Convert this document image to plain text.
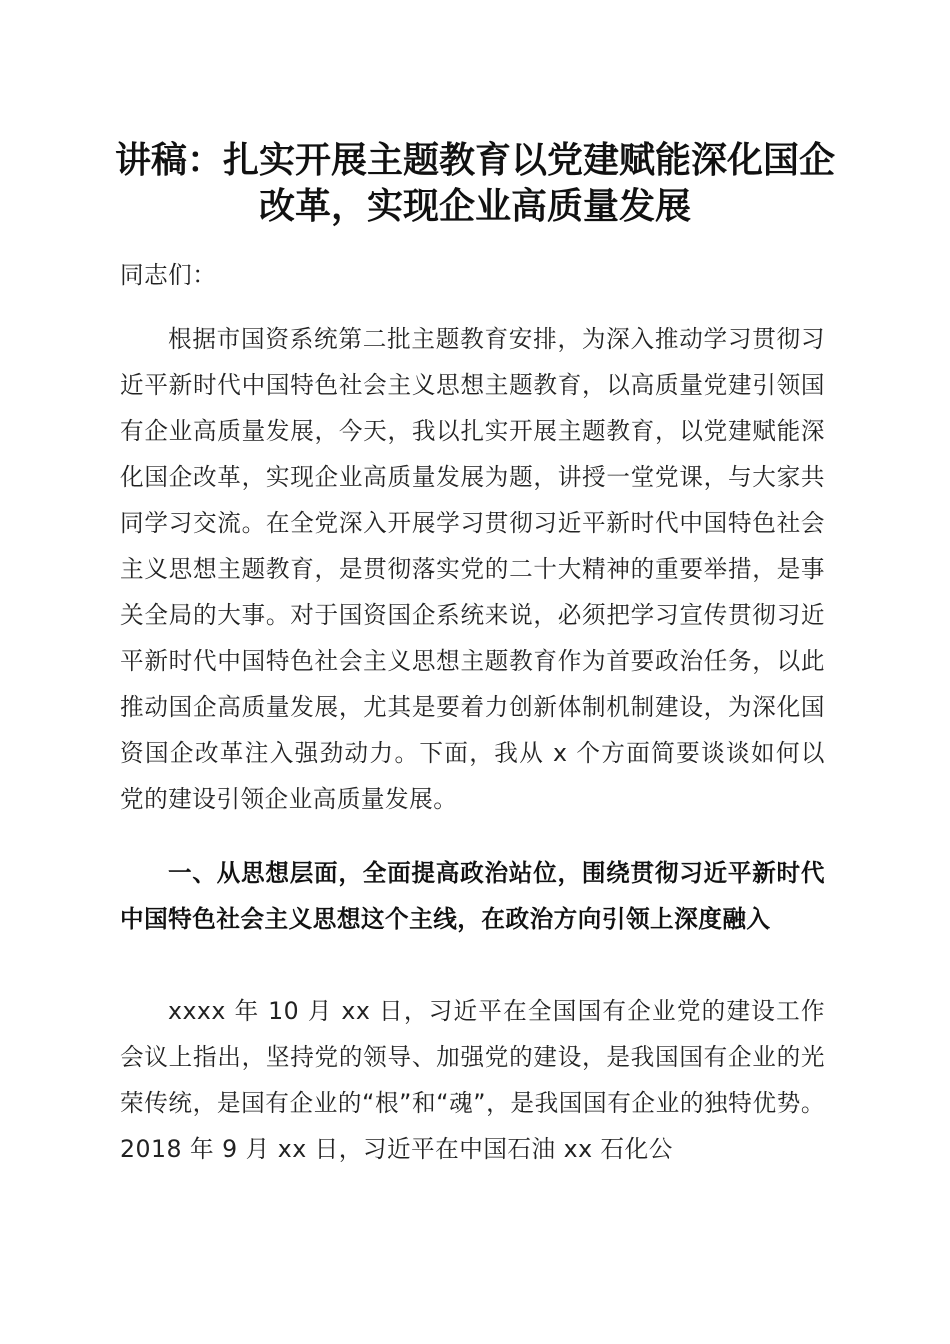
讲稿：扎实开展主题教育以党建赋能深化国企
改革，实现企业高质量发展
同志们：
根据市国资系统第二批主题教育安排，为深入推动学习贯彻习近平新时代中国特色社会主义思想主题教育，以高质量党建引领国有企业高质量发展，今天，我以扎实开展主题教育，以党建赋能深化国企改革，实现企业高质量发展为题，讲授一堂党课，与大家共同学习交流。在全党深入开展学习贯彻习近平新时代中国特色社会主义思想主题教育，是贯彻落实党的二十大精神的重要举措，是事关全局的大事。对于国资国企系统来说，必须把学习宣传贯彻习近平新时代中国特色社会主义思想主题教育作为首要政治任务，以此推动国企高质量发展，尤其是要着力创新体制机制建设，为深化国资国企改革注入强劲动力。下面，我从 x 个方面简要谈谈如何以党的建设引领企业高质量发展。
一、从思想层面，全面提高政治站位，围绕贯彻习近平新时代中国特色社会主义思想这个主线，在政治方向引领上深度融入
xxxx 年 10 月 xx 日，习近平在全国国有企业党的建设工作会议上指出，坚持党的领导、加强党的建设，是我国国有企业的光荣传统，是国有企业的“根”和“魂”，是我国国有企业的独特优势。2018 年 9 月 xx 日，习近平在中国石油 xx 石化公
